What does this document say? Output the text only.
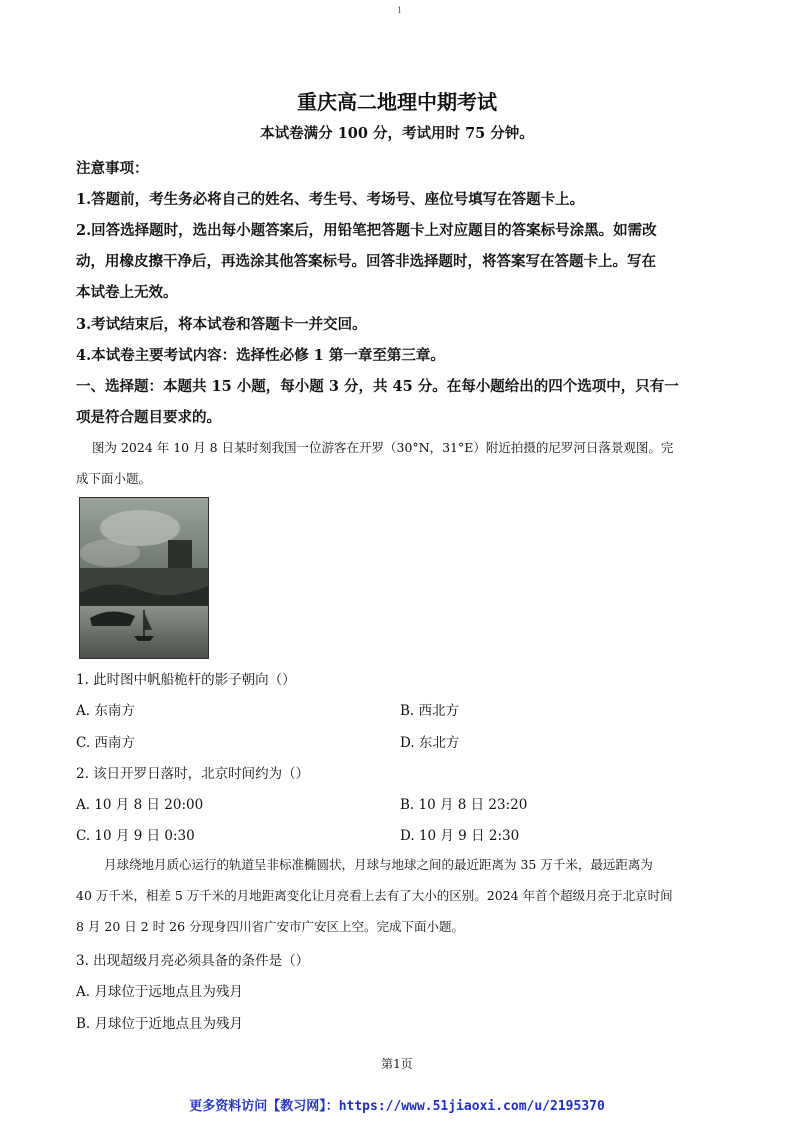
1
重庆高二地理中期考试
本试卷满分 100 分，考试用时 75 分钟。
注意事项：
1.答题前，考生务必将自己的姓名、考生号、考场号、座位号填写在答题卡上。
2.回答选择题时，选出每小题答案后，用铅笔把答题卡上对应题目的答案标号涂黑。如需改
动，用橡皮擦干净后，再选涂其他答案标号。回答非选择题时，将答案写在答题卡上。写在
本试卷上无效。
3.考试结束后，将本试卷和答题卡一并交回。
4.本试卷主要考试内容：选择性必修 1 第一章至第三章。
一、选择题：本题共 15 小题，每小题 3 分，共 45 分。在每小题给出的四个选项中，只有一
项是符合题目要求的。
图为 2024 年 10 月 8 日某时刻我国一位游客在开罗（30°N，31°E）附近拍摄的尼罗河日落景观图。完
成下面小题。
1. 此时图中帆船桅杆的影子朝向（）
A. 东南方	B. 西北方
C. 西南方	D. 东北方
2. 该日开罗日落时，北京时间约为（）
A. 10 月 8 日 20:00	B. 10 月 8 日 23:20
C. 10 月 9 日 0:30	D. 10 月 9 日 2:30
月球绕地月质心运行的轨道呈非标准椭圆状，月球与地球之间的最近距离为 35 万千米，最远距离为
40 万千米，相差 5 万千米的月地距离变化让月亮看上去有了大小的区别。2024 年首个超级月亮于北京时间
8 月 20 日 2 时 26 分现身四川省广安市广安区上空。完成下面小题。
3. 出现超级月亮必须具备的条件是（）
A. 月球位于远地点且为残月
B. 月球位于近地点且为残月
第1页
更多资料访问【教习网】：https://www.51jiaoxi.com/u/2195370
